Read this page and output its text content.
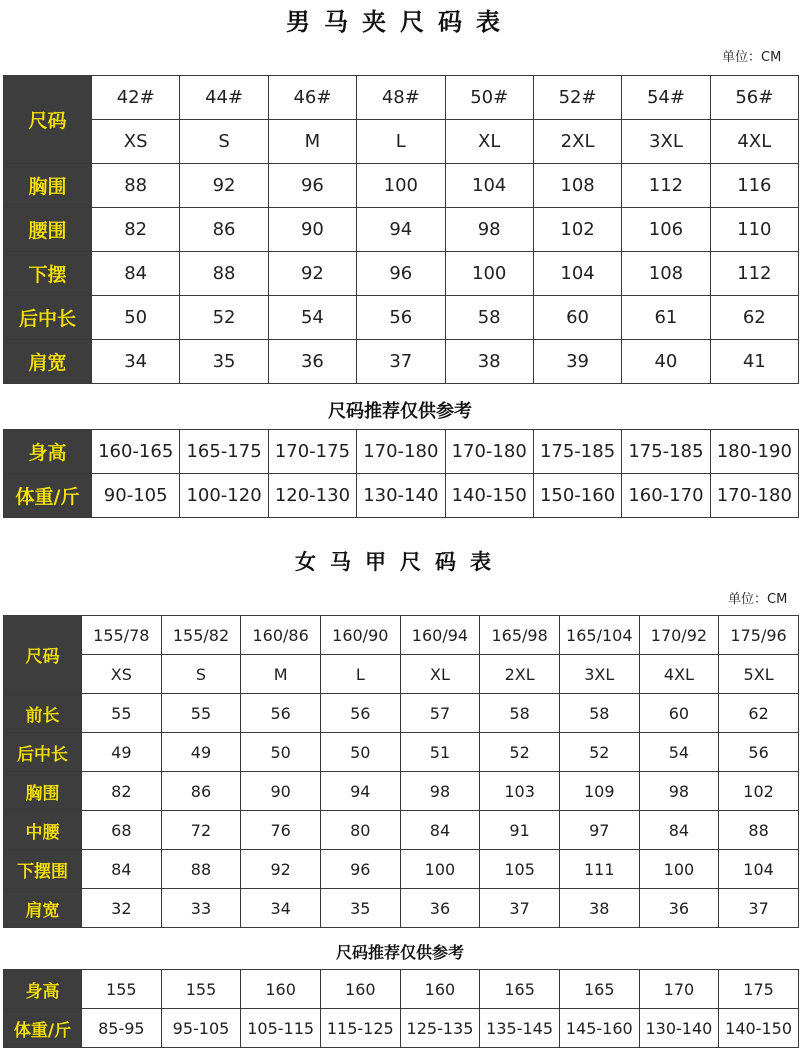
男马夹尺码表
单位：CM
尺码	42#	44#	46#	48#	50#	52#	54#	56#
	XS	S	M	L	XL	2XL	3XL	4XL
胸围	88	92	96	100	104	108	112	116
腰围	82	86	90	94	98	102	106	110
下摆	84	88	92	96	100	104	108	112
后中长	50	52	54	56	58	60	61	62
肩宽	34	35	36	37	38	39	40	41
尺码推荐仅供参考
身高	160-165	165-175	170-175	170-180	170-180	175-185	175-185	180-190
体重/斤	90-105	100-120	120-130	130-140	140-150	150-160	160-170	170-180
女马甲尺码表
单位：CM
尺码	155/78	155/82	160/86	160/90	160/94	165/98	165/104	170/92	175/96
	XS	S	M	L	XL	2XL	3XL	4XL	5XL
前长	55	55	56	56	57	58	58	60	62
后中长	49	49	50	50	51	52	52	54	56
胸围	82	86	90	94	98	103	109	98	102
中腰	68	72	76	80	84	91	97	84	88
下摆围	84	88	92	96	100	105	111	100	104
肩宽	32	33	34	35	36	37	38	36	37
尺码推荐仅供参考
身高	155	155	160	160	160	165	165	170	175
体重/斤	85-95	95-105	105-115	115-125	125-135	135-145	145-160	130-140	140-150
